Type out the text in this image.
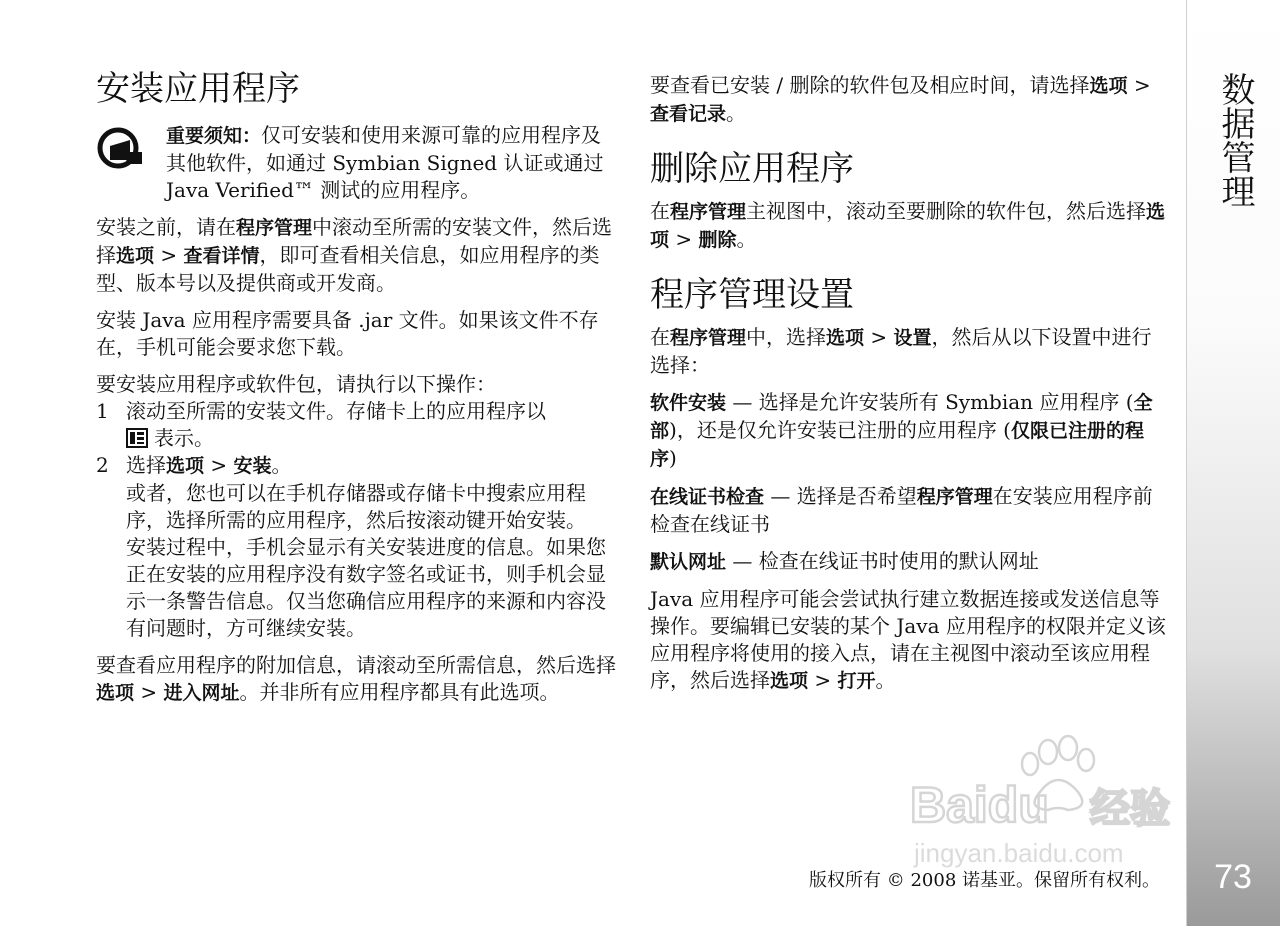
数据管理
73
安装应用程序
重要须知：仅可安装和使用来源可靠的应用程序及其他软件，如通过 Symbian Signed 认证或通过 Java Verified™ 测试的应用程序。

安装之前，请在程序管理中滚动至所需的安装文件，然后选择选项 > 查看详情，即可查看相关信息，如应用程序的类型、版本号以及提供商或开发商。

安装 Java 应用程序需要具备 .jar 文件。如果该文件不存在，手机可能会要求您下载。

要安装应用程序或软件包，请执行以下操作：

1 滚动至所需的安装文件。存储卡上的应用程序以
表示。
2 选择选项 > 安装。
或者，您也可以在手机存储器或存储卡中搜索应用程序，选择所需的应用程序，然后按滚动键开始安装。
安装过程中，手机会显示有关安装进度的信息。如果您正在安装的应用程序没有数字签名或证书，则手机会显示一条警告信息。仅当您确信应用程序的来源和内容没有问题时，方可继续安装。

要查看应用程序的附加信息，请滚动至所需信息，然后选择选项 > 进入网址。并非所有应用程序都具有此选项。

要查看已安装 / 删除的软件包及相应时间，请选择选项 > 查看记录。

删除应用程序

在程序管理主视图中，滚动至要删除的软件包，然后选择选项 > 删除。

程序管理设置

在程序管理中，选择选项 > 设置，然后从以下设置中进行选择：

软件安装 — 选择是允许安装所有 Symbian 应用程序 (全部)，还是仅允许安装已注册的应用程序 (仅限已注册的程序)

在线证书检查 — 选择是否希望程序管理在安装应用程序前检查在线证书

默认网址 — 检查在线证书时使用的默认网址

Java 应用程序可能会尝试执行建立数据连接或发送信息等操作。要编辑已安装的某个 Java 应用程序的权限并定义该应用程序将使用的接入点，请在主视图中滚动至该应用程序，然后选择选项 > 打开。

Baidu 经验
jingyan.baidu.com
版权所有 © 2008 诺基亚。保留所有权利。
